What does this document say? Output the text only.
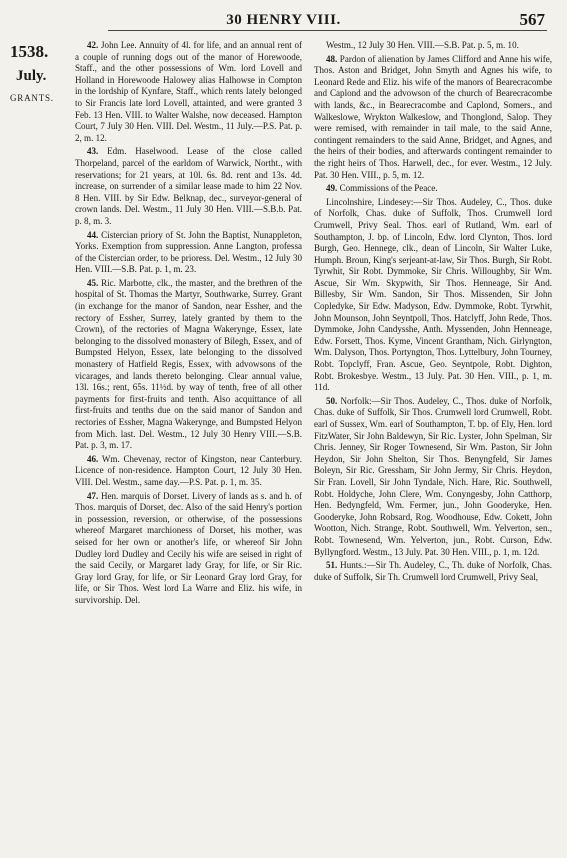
30 HENRY VIII.	567
1538.
July.
GRANTS.

42. John Lee. Annuity of 4l. for life, and an annual rent of a couple of running dogs out of the manor of Horewoode, Staff., and the other possessions of Wm. lord Lovell and Holland in Horewoode Halowey alias Halhowse in Compton in the lordship of Kynfare, Staff., which rents lately belonged to Sir Francis late lord Lovell, attainted, and were granted 3 Feb. 13 Hen. VIII. to Walter Walshe, now deceased. Hampton Court, 7 July 30 Hen. VIII. Del. Westm., 11 July.—P.S. Pat. p. 2, m. 12.

43. Edm. Haselwood. Lease of the close called Thorpeland, parcel of the earldom of Warwick, Northt., with reservations; for 21 years, at 10l. 6s. 8d. rent and 13s. 4d. increase, on surrender of a similar lease made to him 22 Nov. 8 Hen. VIII. by Sir Edw. Belknap, dec., surveyor-general of crown lands. Del. Westm., 11 July 30 Hen. VIII.—S.B.b. Pat. p. 8, m. 3.

44. Cistercian priory of St. John the Baptist, Nunappleton, Yorks. Exemption from suppression. Anne Langton, professa of the Cistercian order, to be prioress. Del. Westm., 12 July 30 Hen. VIII.—S.B. Pat. p. 1, m. 23.

45. Ric. Marbotte, clk., the master, and the brethren of the hospital of St. Thomas the Martyr, Southwarke, Surrey. Grant (in exchange for the manor of Sandon, near Essher, and the rectory of Essher, Surrey, lately granted by them to the Crown), of the rectories of Magna Wakerynge, Essex, late belonging to the dissolved monastery of Bilegh, Essex, and of Bumpsted Helyon, Essex, late belonging to the dissolved monastery of Hatfield Regis, Essex, with advowsons of the vicarages, and lands thereto belonging. Clear annual value, 13l. 16s.; rent, 65s. 11½d. by way of tenth, free of all other payments for first-fruits and tenth. Also acquittance of all first-fruits and tenths due on the said manor of Sandon and rectories of Essher, Magna Wakerynge, and Bumpsted Helyon from Mich. last. Del. Westm., 12 July 30 Henry VIII.—S.B. Pat. p. 3, m. 17.

46. Wm. Chevenay, rector of Kingston, near Canterbury. Licence of non-residence. Hampton Court, 12 July 30 Hen. VIII. Del. Westm., same day.—P.S. Pat. p. 1, m. 35.

47. Hen. marquis of Dorset. Livery of lands as s. and h. of Thos. marquis of Dorset, dec. Also of the said Henry's portion in possession, reversion, or otherwise, of the possessions whereof Margaret marchioness of Dorset, his mother, was seised for her own or another's life, or whereof Sir John Dudley lord Dudley and Cecily his wife are seised in right of the said Cecily, or Margaret lady Gray, for life, or Sir Ric. Gray lord Gray, for life, or Sir Leonard Gray lord Gray, for life, or Sir Thos. West lord La Warre and Eliz. his wife, in survivorship. Del.

Westm., 12 July 30 Hen. VIII.—S.B. Pat. p. 5, m. 10.

48. Pardon of alienation by James Clifford and Anne his wife, Thos. Aston and Bridget, John Smyth and Agnes his wife, to Leonard Rede and Eliz. his wife of the manors of Bearecracombe and Caplond and the advowson of the church of Bearecracombe with lands, &c., in Bearecracombe and Caplond, Somers., and Walkeslowe, Wrykton Walkeslow, and Thonglond, Salop. They were remised, with remainder in tail male, to the said Anne, contingent remainders to the said Anne, Bridget, and Agnes, and the heirs of their bodies, and afterwards contingent remainder to the right heirs of Thos. Harwell, dec., for ever. Westm., 12 July. Pat. 30 Hen. VIII., p. 5, m. 12.

49. Commissions of the Peace.

Lincolnshire, Lindesey:—Sir Thos. Audeley, C., Thos. duke of Norfolk, Chas. duke of Suffolk, Thos. Crumwell lord Crumwell, Privy Seal. Thos. earl of Rutland, Wm. earl of Southampton, J. bp. of Lincoln, Edw. lord Clynton, Thos. lord Burgh, Geo. Hennege, clk., dean of Lincoln, Sir Walter Luke, Humph. Broun, King's serjeant-at-law, Sir Thos. Burgh, Sir Robt. Tyrwhit, Sir Robt. Dymmoke, Sir Chris. Willoughby, Sir Wm. Ascue, Sir Wm. Skypwith, Sir Thos. Henneage, Sir And. Billesby, Sir Wm. Sandon, Sir Thos. Missenden, Sir John Copledyke, Sir Edw. Madyson, Edw. Dymmoke, Robt. Tyrwhit, John Mounson, John Seyntpoll, Thos. Hatclyff, John Rede, Thos. Dymmoke, John Candysshe, Anth. Myssenden, John Henneage, Edw. Forsett, Thos. Kyme, Vincent Grantham, Nich. Girlyngton, Wm. Dalyson, Thos. Portyngton, Thos. Lyttelbury, John Tourney, Robt. Topclyff, Fran. Ascue, Geo. Seyntpole, Robt. Dighton, Robt. Brokesbye. Westm., 13 July. Pat. 30 Hen. VIII., p. 1, m. 11d.

50. Norfolk:—Sir Thos. Audeley, C., Thos. duke of Norfolk, Chas. duke of Suffolk, Sir Thos. Crumwell lord Crumwell, Robt. earl of Sussex, Wm. earl of Southampton, T. bp. of Ely, Hen. lord FitzWater, Sir John Baldewyn, Sir Ric. Lyster, John Spelman, Sir Chris. Jenney, Sir Roger Townesend, Sir Wm. Paston, Sir John Heydon, Sir John Shelton, Sir Thos. Benyngfeld, Sir James Boleyn, Sir Ric. Gressham, Sir John Jermy, Sir Chris. Heydon, Sir Fran. Lovell, Sir John Tyndale, Nich. Hare, Ric. Southwell, Robt. Holdyche, John Clere, Wm. Conyngesby, John Catthorp, Hen. Bedyngfeld, Wm. Fermer, jun., John Gooderyke, Hen. Gooderyke, John Robsard, Rog. Woodhouse, Edw. Cokett, John Wootton, Nich. Strange, Robt. Southwell, Wm. Yelverton, sen., Robt. Townesend, Wm. Yelverton, jun., Robt. Curson, Edw. Byllyngford. Westm., 13 July. Pat. 30 Hen. VIII., p. 1, m. 12d.

51. Hunts.:—Sir Th. Audeley, C., Th. duke of Norfolk, Chas. duke of Suffolk, Sir Th. Crumwell lord Crumwell, Privy Seal,
